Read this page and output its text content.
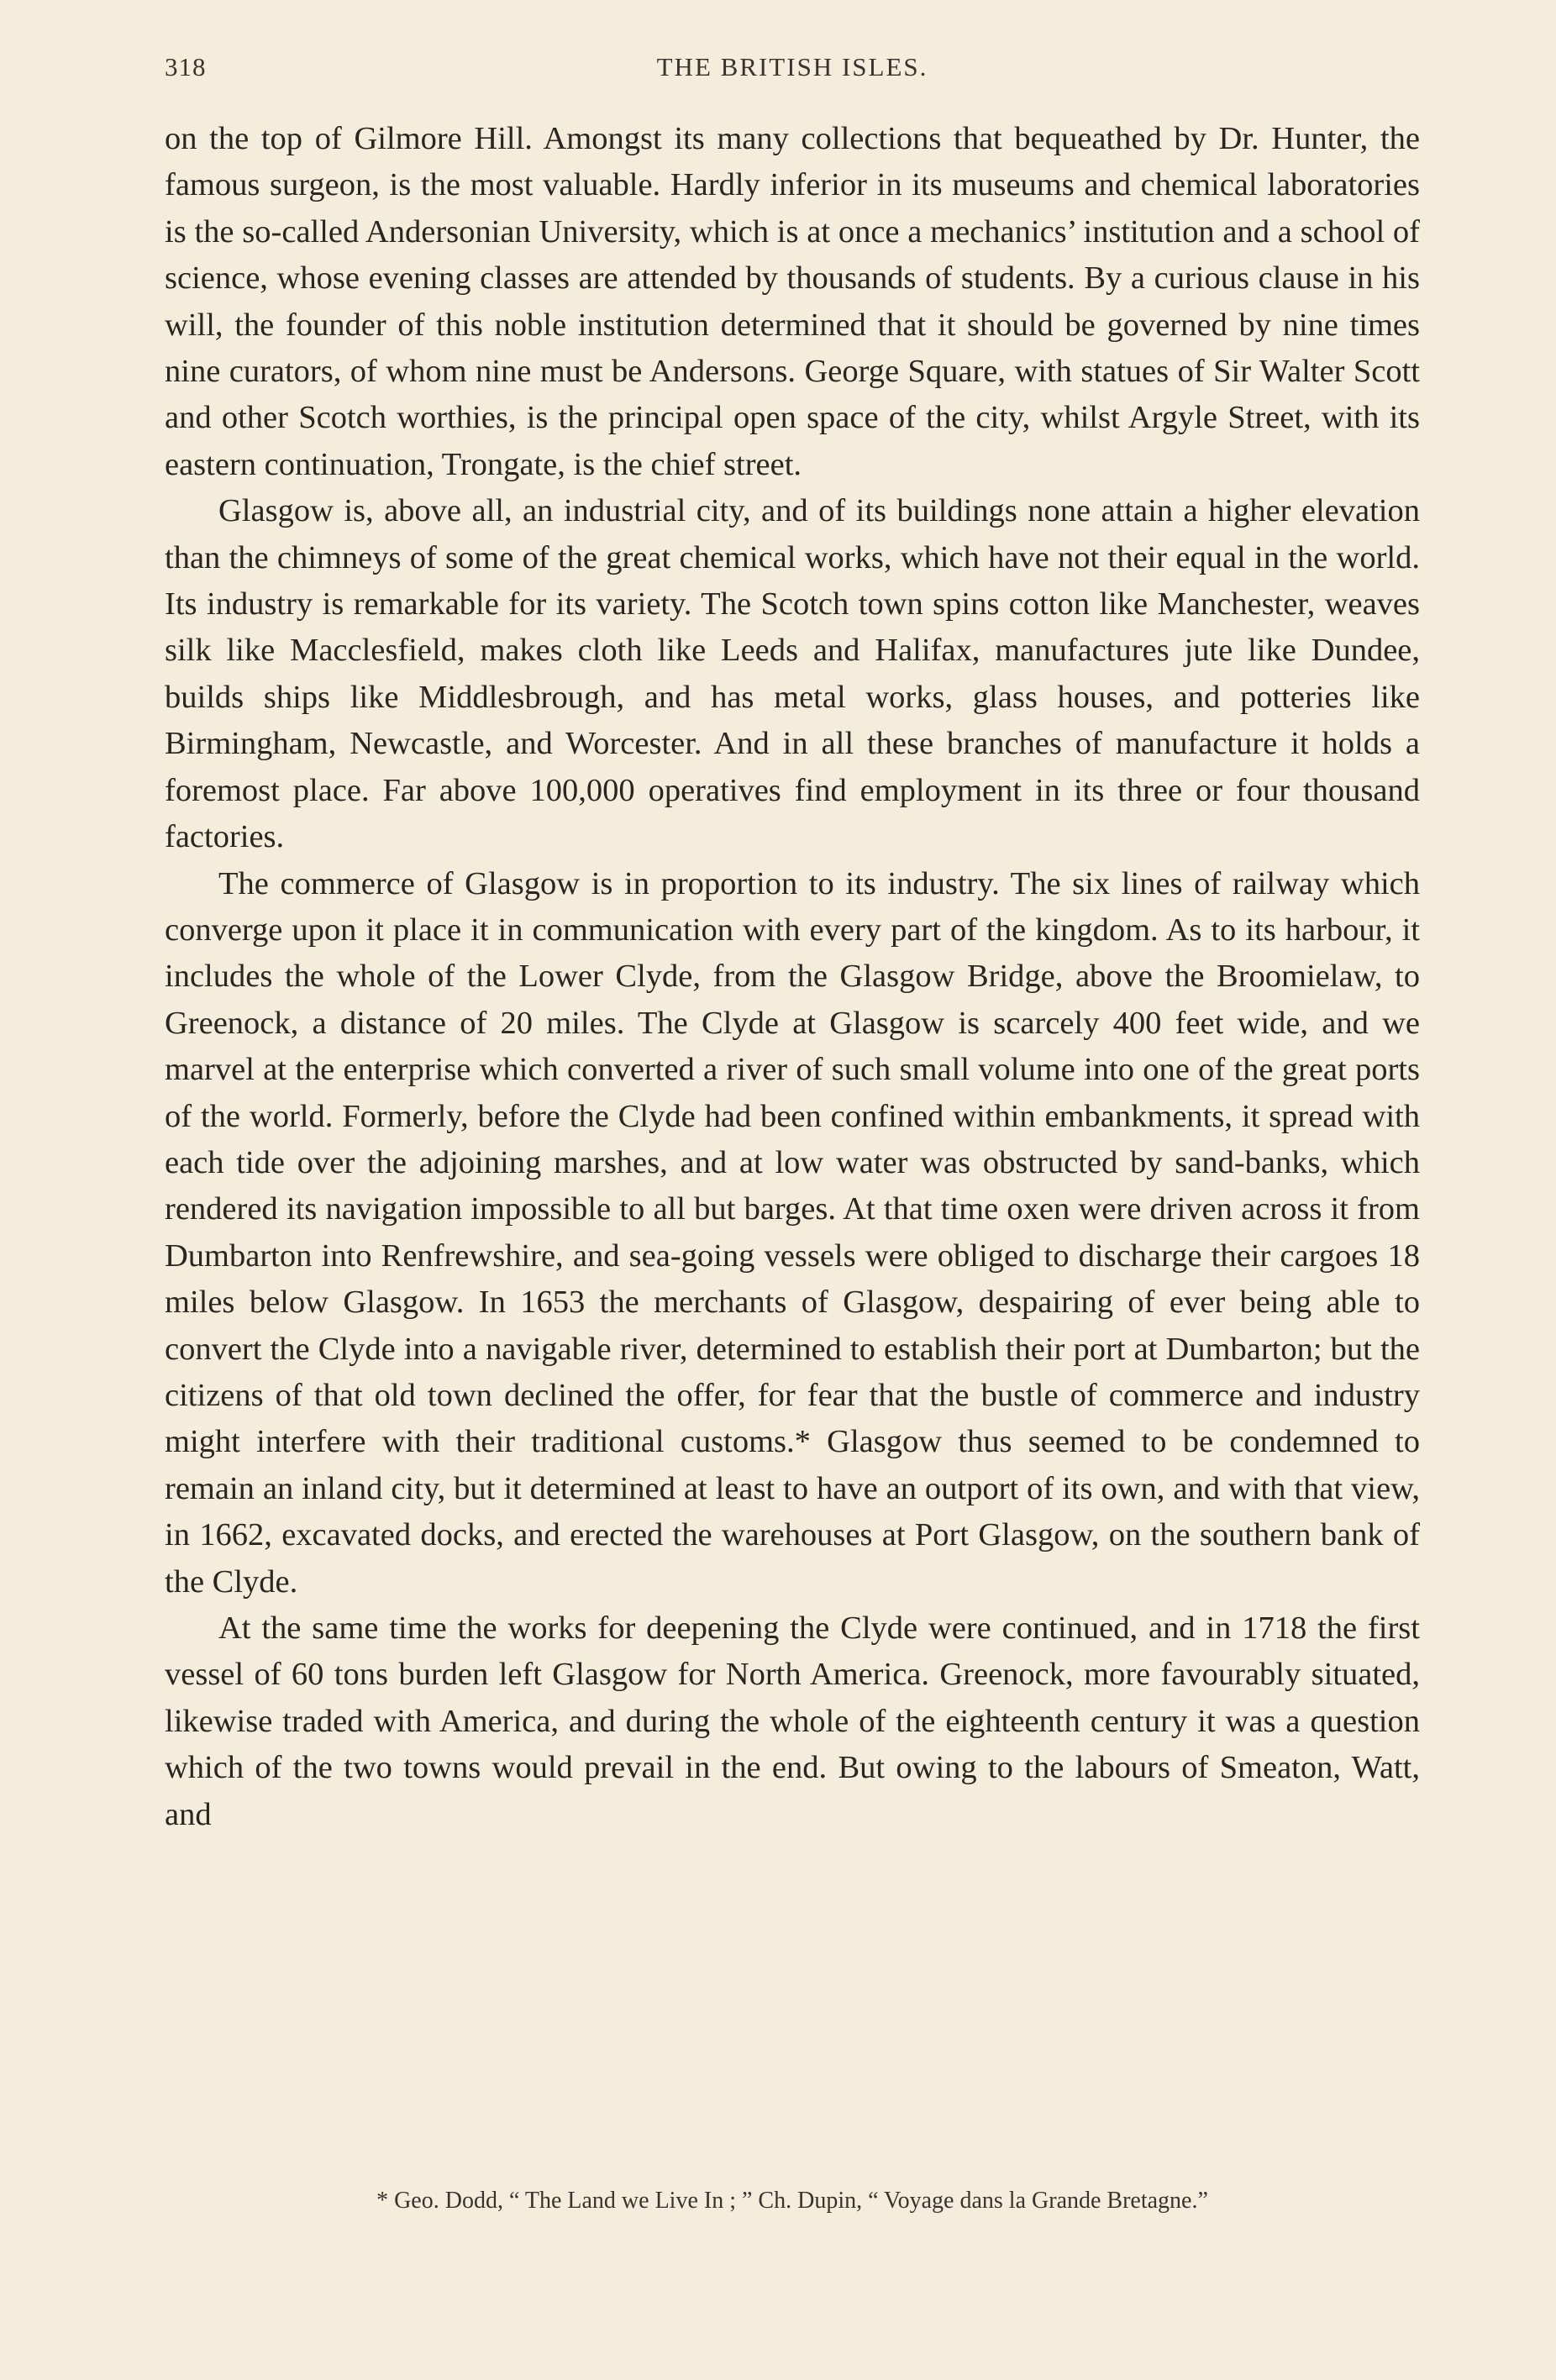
318	THE BRITISH ISLES.

on the top of Gilmore Hill. Amongst its many collections that bequeathed by Dr. Hunter, the famous surgeon, is the most valuable. Hardly inferior in its museums and chemical laboratories is the so-called Andersonian University, which is at once a mechanics’ institution and a school of science, whose evening classes are attended by thousands of students. By a curious clause in his will, the founder of this noble institution determined that it should be governed by nine times nine curators, of whom nine must be Andersons. George Square, with statues of Sir Walter Scott and other Scotch worthies, is the principal open space of the city, whilst Argyle Street, with its eastern continuation, Trongate, is the chief street.

Glasgow is, above all, an industrial city, and of its buildings none attain a higher elevation than the chimneys of some of the great chemical works, which have not their equal in the world. Its industry is remarkable for its variety. The Scotch town spins cotton like Manchester, weaves silk like Macclesfield, makes cloth like Leeds and Halifax, manufactures jute like Dundee, builds ships like Middlesbrough, and has metal works, glass houses, and potteries like Birmingham, Newcastle, and Worcester. And in all these branches of manufacture it holds a foremost place. Far above 100,000 operatives find employment in its three or four thousand factories.

The commerce of Glasgow is in proportion to its industry. The six lines of railway which converge upon it place it in communication with every part of the kingdom. As to its harbour, it includes the whole of the Lower Clyde, from the Glasgow Bridge, above the Broomielaw, to Greenock, a distance of 20 miles. The Clyde at Glasgow is scarcely 400 feet wide, and we marvel at the enterprise which converted a river of such small volume into one of the great ports of the world. Formerly, before the Clyde had been confined within embankments, it spread with each tide over the adjoining marshes, and at low water was obstructed by sand-banks, which rendered its navigation impossible to all but barges. At that time oxen were driven across it from Dumbarton into Renfrewshire, and sea-going vessels were obliged to discharge their cargoes 18 miles below Glasgow. In 1653 the merchants of Glasgow, despairing of ever being able to convert the Clyde into a navigable river, determined to establish their port at Dumbarton; but the citizens of that old town declined the offer, for fear that the bustle of commerce and industry might interfere with their traditional customs.* Glasgow thus seemed to be condemned to remain an inland city, but it determined at least to have an outport of its own, and with that view, in 1662, excavated docks, and erected the warehouses at Port Glasgow, on the southern bank of the Clyde.

At the same time the works for deepening the Clyde were continued, and in 1718 the first vessel of 60 tons burden left Glasgow for North America. Greenock, more favourably situated, likewise traded with America, and during the whole of the eighteenth century it was a question which of the two towns would prevail in the end. But owing to the labours of Smeaton, Watt, and

* Geo. Dodd, “ The Land we Live In ; ” Ch. Dupin, “ Voyage dans la Grande Bretagne.”
